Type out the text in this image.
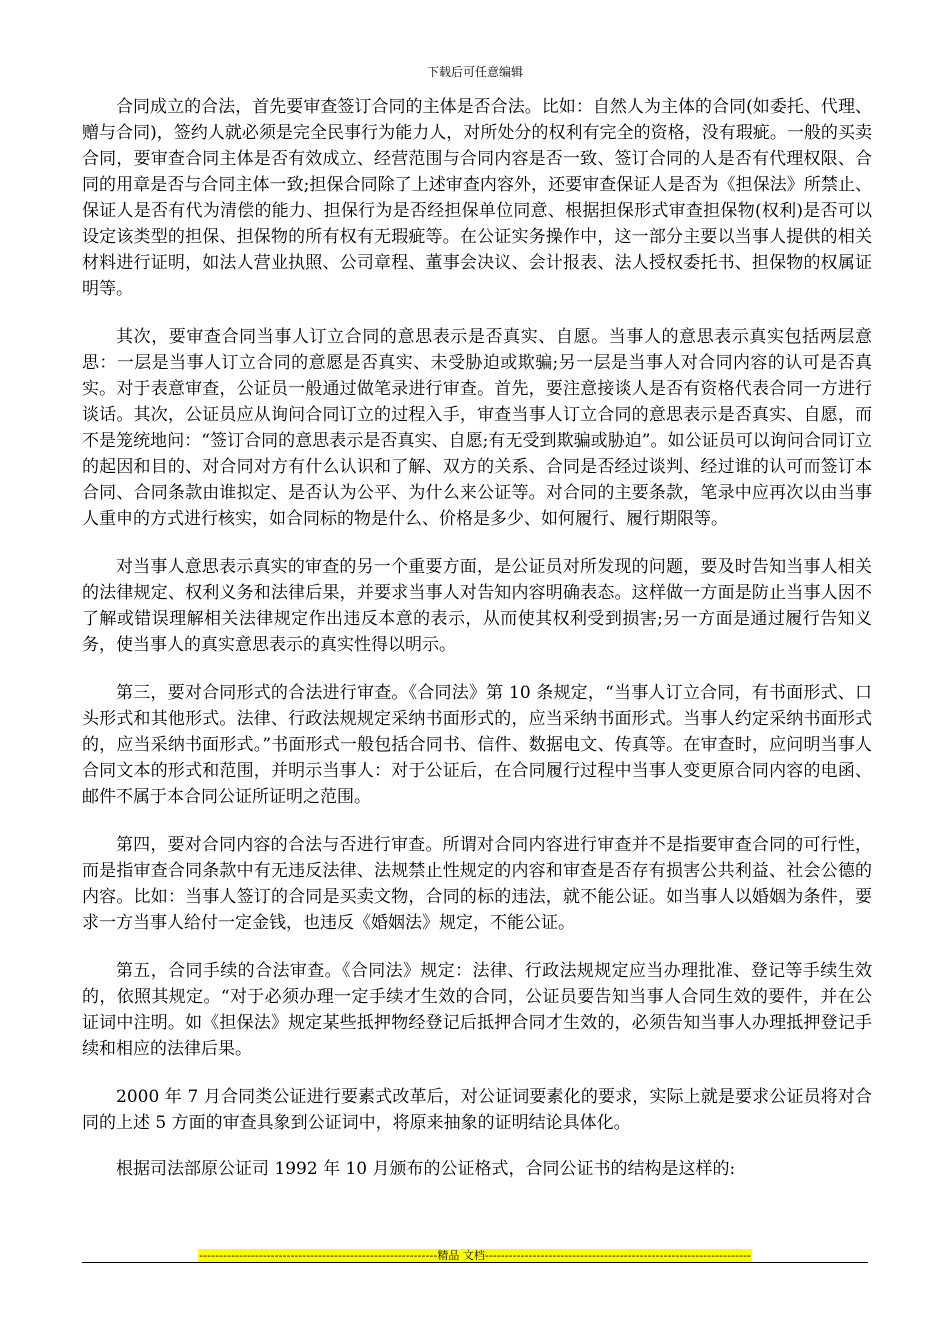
下载后可任意编辑

合同成立的合法，首先要审查签订合同的主体是否合法。比如：自然人为主体的合同(如委托、代理、赠与合同)，签约人就必须是完全民事行为能力人，对所处分的权利有完全的资格，没有瑕疵。一般的买卖合同，要审查合同主体是否有效成立、经营范围与合同内容是否一致、签订合同的人是否有代理权限、合同的用章是否与合同主体一致;担保合同除了上述审查内容外，还要审查保证人是否为《担保法》所禁止、保证人是否有代为清偿的能力、担保行为是否经担保单位同意、根据担保形式审查担保物(权利)是否可以设定该类型的担保、担保物的所有权有无瑕疵等。在公证实务操作中，这一部分主要以当事人提供的相关材料进行证明，如法人营业执照、公司章程、董事会决议、会计报表、法人授权委托书、担保物的权属证明等。

其次，要审查合同当事人订立合同的意思表示是否真实、自愿。当事人的意思表示真实包括两层意思：一层是当事人订立合同的意愿是否真实、未受胁迫或欺骗;另一层是当事人对合同内容的认可是否真实。对于表意审查，公证员一般通过做笔录进行审查。首先，要注意接谈人是否有资格代表合同一方进行谈话。其次，公证员应从询问合同订立的过程入手，审查当事人订立合同的意思表示是否真实、自愿，而不是笼统地问：“签订合同的意思表示是否真实、自愿;有无受到欺骗或胁迫”。如公证员可以询问合同订立的起因和目的、对合同对方有什么认识和了解、双方的关系、合同是否经过谈判、经过谁的认可而签订本合同、合同条款由谁拟定、是否认为公平、为什么来公证等。对合同的主要条款，笔录中应再次以由当事人重申的方式进行核实，如合同标的物是什么、价格是多少、如何履行、履行期限等。

对当事人意思表示真实的审查的另一个重要方面，是公证员对所发现的问题，要及时告知当事人相关的法律规定、权利义务和法律后果，并要求当事人对告知内容明确表态。这样做一方面是防止当事人因不了解或错误理解相关法律规定作出违反本意的表示，从而使其权利受到损害;另一方面是通过履行告知义务，使当事人的真实意思表示的真实性得以明示。

第三，要对合同形式的合法进行审查。《合同法》第 10 条规定，“当事人订立合同，有书面形式、口头形式和其他形式。法律、行政法规规定采纳书面形式的，应当采纳书面形式。当事人约定采纳书面形式的，应当采纳书面形式。”书面形式一般包括合同书、信件、数据电文、传真等。在审查时，应问明当事人合同文本的形式和范围，并明示当事人：对于公证后，在合同履行过程中当事人变更原合同内容的电函、邮件不属于本合同公证所证明之范围。

第四，要对合同内容的合法与否进行审查。所谓对合同内容进行审查并不是指要审查合同的可行性，而是指审查合同条款中有无违反法律、法规禁止性规定的内容和审查是否存有损害公共利益、社会公德的内容。比如：当事人签订的合同是买卖文物，合同的标的违法，就不能公证。如当事人以婚姻为条件，要求一方当事人给付一定金钱，也违反《婚姻法》规定，不能公证。

第五，合同手续的合法审查。《合同法》规定：法律、行政法规规定应当办理批准、登记等手续生效的，依照其规定。“对于必须办理一定手续才生效的合同，公证员要告知当事人合同生效的要件，并在公证词中注明。如《担保法》规定某些抵押物经登记后抵押合同才生效的，必须告知当事人办理抵押登记手续和相应的法律后果。

2000 年 7 月合同类公证进行要素式改革后，对公证词要素化的要求，实际上就是要求公证员将对合同的上述 5 方面的审查具象到公证词中，将原来抽象的证明结论具体化。

根据司法部原公证司 1992 年 10 月颁布的公证格式，合同公证书的结构是这样的:

------------------------------------------------------------精品 文档-------------------------------------------------------------------
